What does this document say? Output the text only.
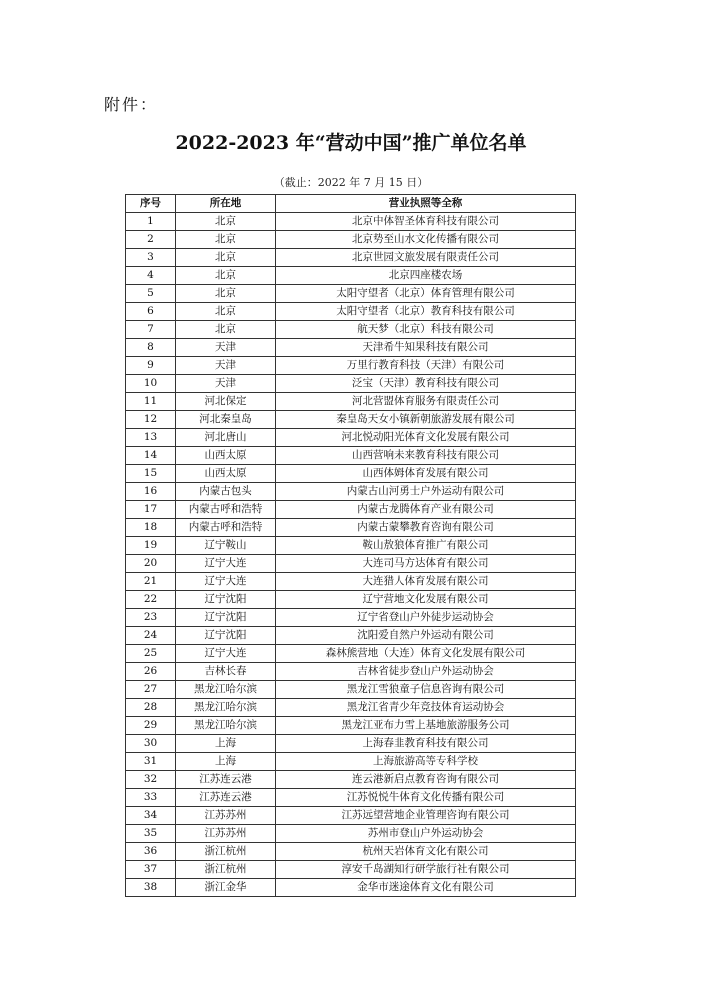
附件：
2022-2023 年“营动中国”推广单位名单
（截止：2022 年 7 月 15 日）
序号	所在地	营业执照等全称
1	北京	北京中体智圣体育科技有限公司
2	北京	北京势至山水文化传播有限公司
3	北京	北京世园文旅发展有限责任公司
4	北京	北京四座楼农场
5	北京	太阳守望者（北京）体育管理有限公司
6	北京	太阳守望者（北京）教育科技有限公司
7	北京	航天梦（北京）科技有限公司
8	天津	天津希牛知果科技有限公司
9	天津	万里行教育科技（天津）有限公司
10	天津	泛宝（天津）教育科技有限公司
11	河北保定	河北营盟体育服务有限责任公司
12	河北秦皇岛	秦皇岛天女小镇新朝旅游发展有限公司
13	河北唐山	河北悦动阳光体育文化发展有限公司
14	山西太原	山西营响未来教育科技有限公司
15	山西太原	山西体姆体育发展有限公司
16	内蒙古包头	内蒙古山河勇士户外运动有限公司
17	内蒙古呼和浩特	内蒙古龙腾体育产业有限公司
18	内蒙古呼和浩特	内蒙古蒙攀教育咨询有限公司
19	辽宁鞍山	鞍山敖狼体育推广有限公司
20	辽宁大连	大连司马方达体育有限公司
21	辽宁大连	大连猎人体育发展有限公司
22	辽宁沈阳	辽宁营地文化发展有限公司
23	辽宁沈阳	辽宁省登山户外徒步运动协会
24	辽宁沈阳	沈阳爱自然户外运动有限公司
25	辽宁大连	森林熊营地（大连）体育文化发展有限公司
26	吉林长春	吉林省徒步登山户外运动协会
27	黑龙江哈尔滨	黑龙江雪狼童子信息咨询有限公司
28	黑龙江哈尔滨	黑龙江省青少年竞技体育运动协会
29	黑龙江哈尔滨	黑龙江亚布力雪上基地旅游服务公司
30	上海	上海春韭教育科技有限公司
31	上海	上海旅游高等专科学校
32	江苏连云港	连云港新启点教育咨询有限公司
33	江苏连云港	江苏悦悦牛体育文化传播有限公司
34	江苏苏州	江苏远望营地企业管理咨询有限公司
35	江苏苏州	苏州市登山户外运动协会
36	浙江杭州	杭州天岩体育文化有限公司
37	浙江杭州	淳安千岛湖知行研学旅行社有限公司
38	浙江金华	金华市迷途体育文化有限公司
